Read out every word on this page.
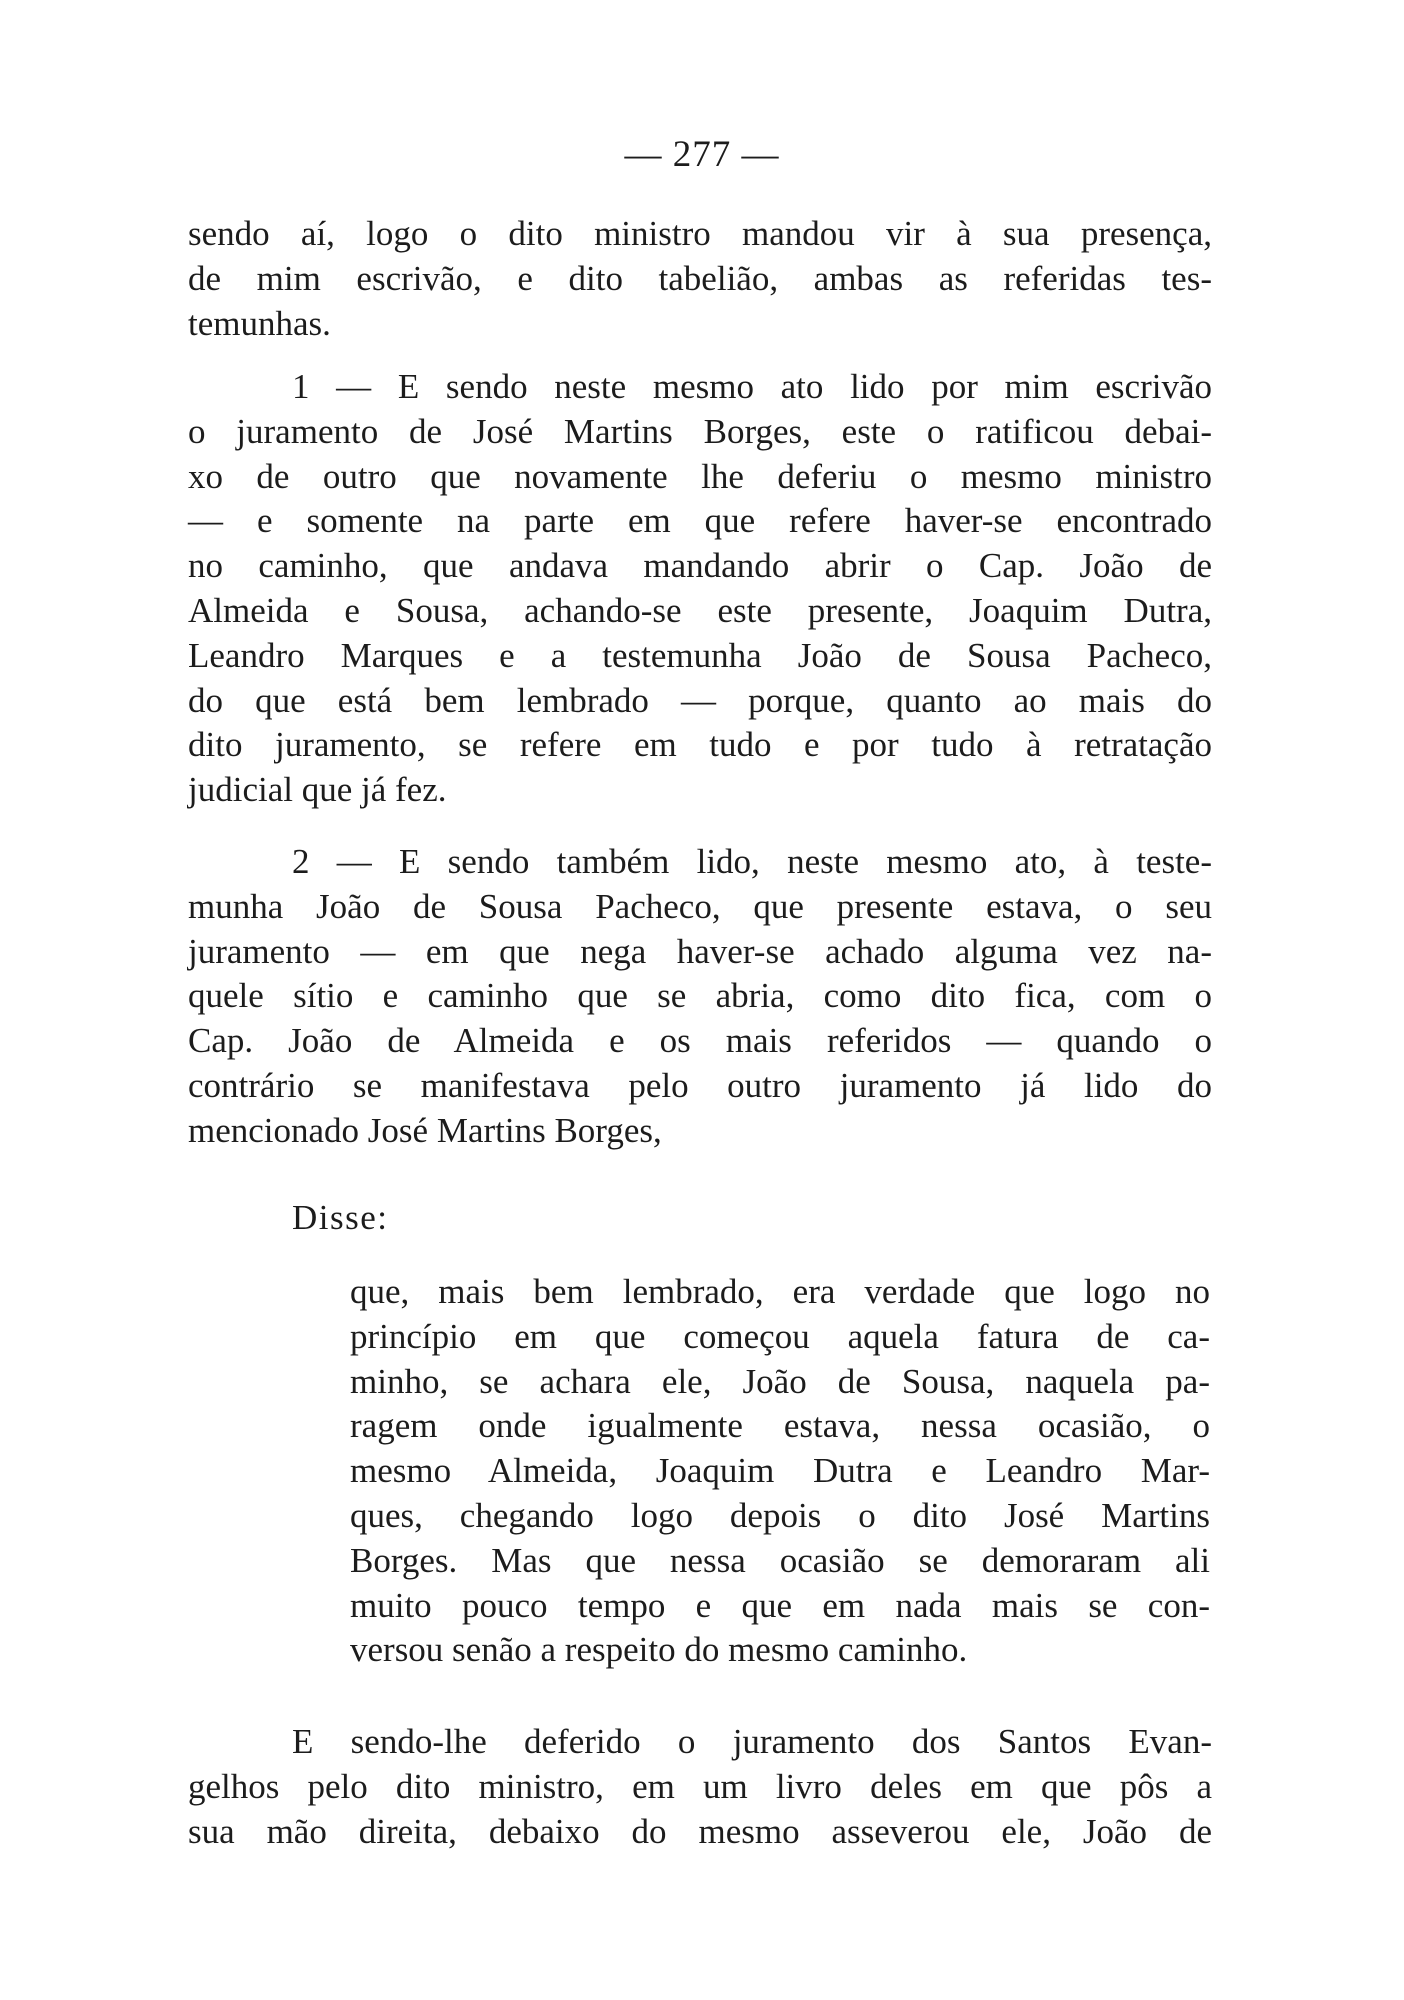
— 277 —
sendo aí, logo o dito ministro mandou vir à sua presença,
de mim escrivão, e dito tabelião, ambas as referidas tes-
temunhas.
1 — E sendo neste mesmo ato lido por mim escrivão
o juramento de José Martins Borges, este o ratificou debai-
xo de outro que novamente lhe deferiu o mesmo ministro
— e somente na parte em que refere haver-se encontrado
no caminho, que andava mandando abrir o Cap. João de
Almeida e Sousa, achando-se este presente, Joaquim Dutra,
Leandro Marques e a testemunha João de Sousa Pacheco,
do que está bem lembrado — porque, quanto ao mais do
dito juramento, se refere em tudo e por tudo à retratação
judicial que já fez.
2 — E sendo também lido, neste mesmo ato, à teste-
munha João de Sousa Pacheco, que presente estava, o seu
juramento — em que nega haver-se achado alguma vez na-
quele sítio e caminho que se abria, como dito fica, com o
Cap. João de Almeida e os mais referidos — quando o
contrário se manifestava pelo outro juramento já lido do
mencionado José Martins Borges,
Disse:
que, mais bem lembrado, era verdade que logo no
princípio em que começou aquela fatura de ca-
minho, se achara ele, João de Sousa, naquela pa-
ragem onde igualmente estava, nessa ocasião, o
mesmo Almeida, Joaquim Dutra e Leandro Mar-
ques, chegando logo depois o dito José Martins
Borges. Mas que nessa ocasião se demoraram ali
muito pouco tempo e que em nada mais se con-
versou senão a respeito do mesmo caminho.
E sendo-lhe deferido o juramento dos Santos Evan-
gelhos pelo dito ministro, em um livro deles em que pôs a
sua mão direita, debaixo do mesmo asseverou ele, João de
